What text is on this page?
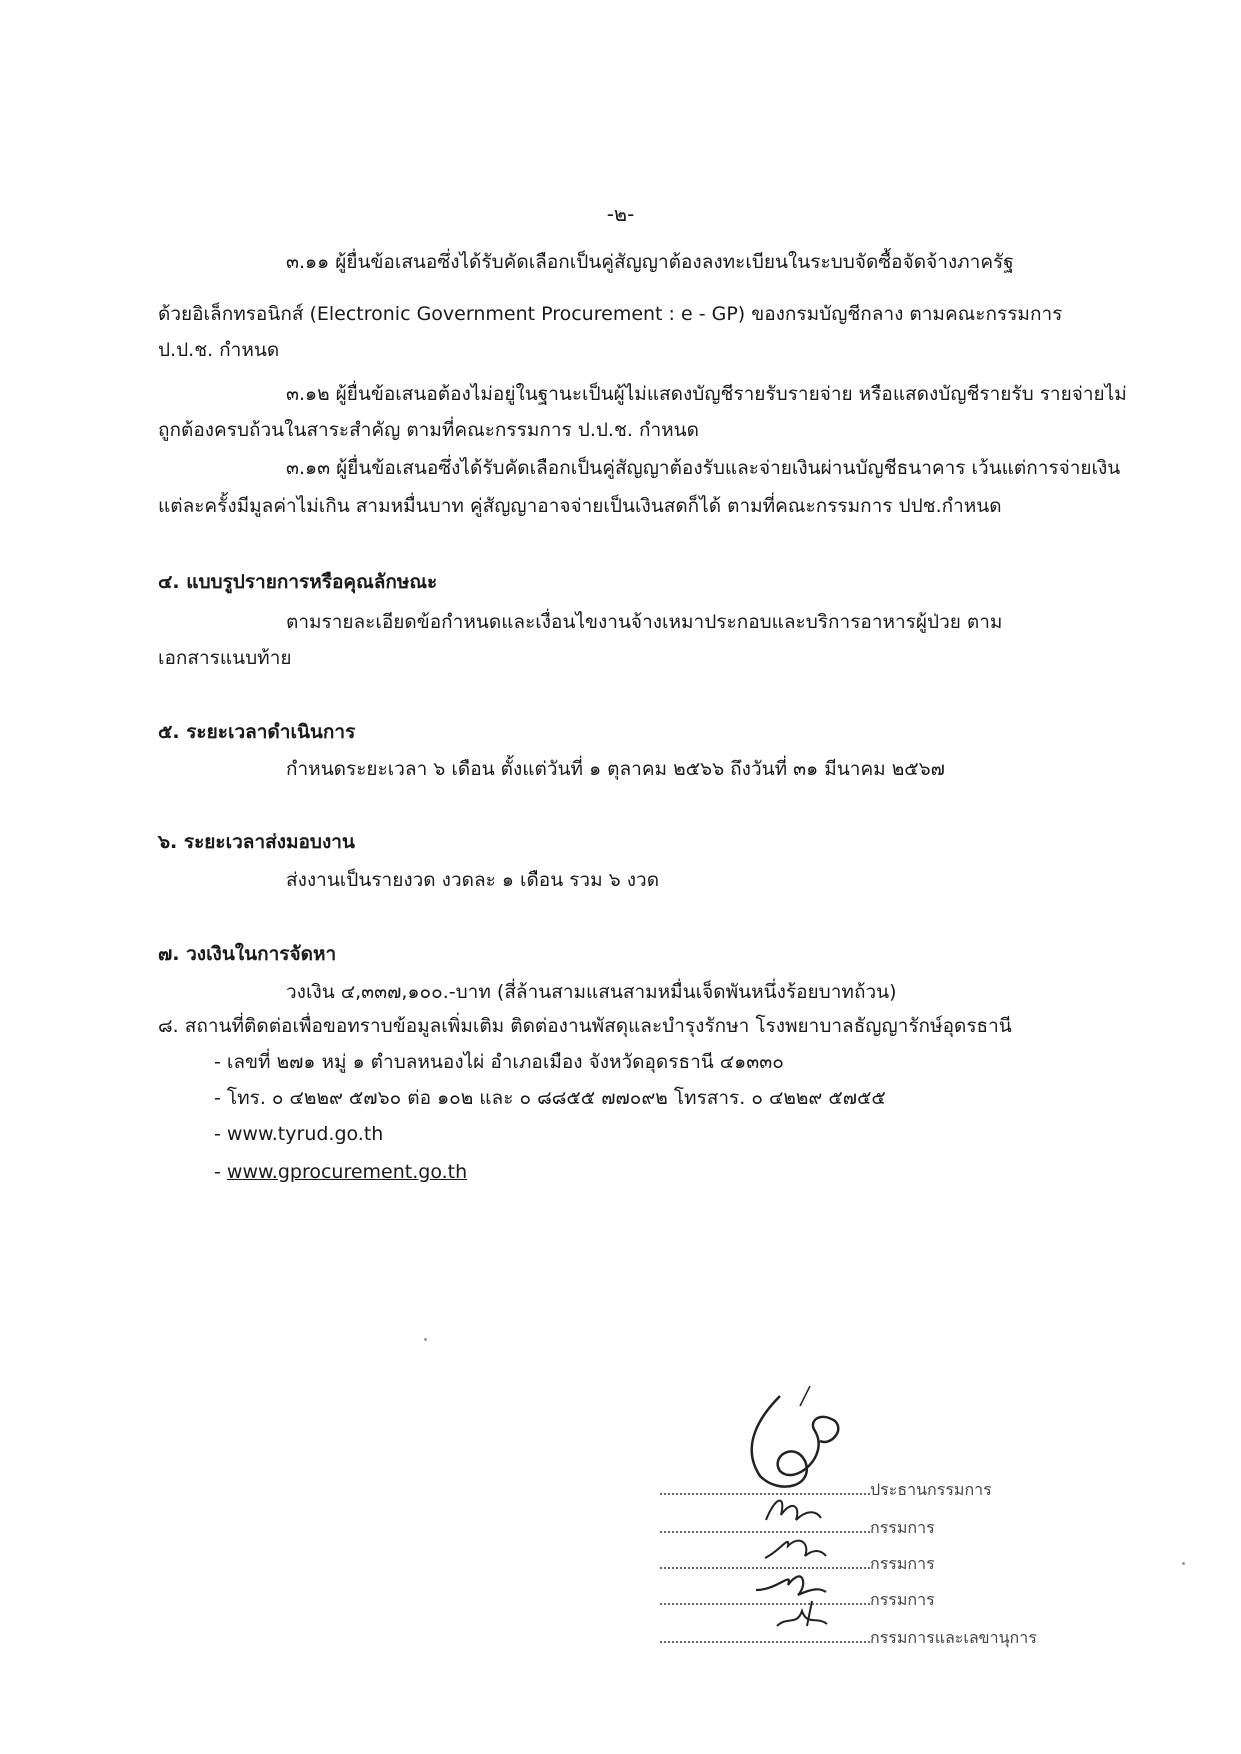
-๒-
๓.๑๑ ผู้ยื่นข้อเสนอซึ่งได้รับคัดเลือกเป็นคู่สัญญาต้องลงทะเบียนในระบบจัดซื้อจัดจ้างภาครัฐ
ด้วยอิเล็กทรอนิกส์ (Electronic Government Procurement : e - GP) ของกรมบัญชีกลาง ตามคณะกรรมการ
ป.ป.ช. กำหนด
๓.๑๒ ผู้ยื่นข้อเสนอต้องไม่อยู่ในฐานะเป็นผู้ไม่แสดงบัญชีรายรับรายจ่าย หรือแสดงบัญชีรายรับ รายจ่ายไม่
ถูกต้องครบถ้วนในสาระสำคัญ ตามที่คณะกรรมการ ป.ป.ช. กำหนด
๓.๑๓ ผู้ยื่นข้อเสนอซึ่งได้รับคัดเลือกเป็นคู่สัญญาต้องรับและจ่ายเงินผ่านบัญชีธนาคาร เว้นแต่การจ่ายเงิน
แต่ละครั้งมีมูลค่าไม่เกิน สามหมื่นบาท คู่สัญญาอาจจ่ายเป็นเงินสดก็ได้ ตามที่คณะกรรมการ ปปช.กำหนด
๔. แบบรูปรายการหรือคุณลักษณะ
ตามรายละเอียดข้อกำหนดและเงื่อนไขงานจ้างเหมาประกอบและบริการอาหารผู้ป่วย ตาม
เอกสารแนบท้าย
๕. ระยะเวลาดำเนินการ
กำหนดระยะเวลา ๖ เดือน ตั้งแต่วันที่ ๑ ตุลาคม ๒๕๖๖ ถึงวันที่ ๓๑ มีนาคม ๒๕๖๗
๖. ระยะเวลาส่งมอบงาน
ส่งงานเป็นรายงวด งวดละ ๑ เดือน รวม ๖ งวด
๗. วงเงินในการจัดหา
วงเงิน ๔,๓๓๗,๑๐๐.-บาท (สี่ล้านสามแสนสามหมื่นเจ็ดพันหนึ่งร้อยบาทถ้วน)
๘. สถานที่ติดต่อเพื่อขอทราบข้อมูลเพิ่มเติม ติดต่องานพัสดุและบำรุงรักษา โรงพยาบาลธัญญารักษ์อุดรธานี
- เลขที่ ๒๗๑ หมู่ ๑ ตำบลหนองไผ่ อำเภอเมือง จังหวัดอุดรธานี ๔๑๓๓๐
- โทร. ๐ ๔๒๒๙ ๕๗๖๐ ต่อ ๑๐๒ และ ๐ ๘๘๕๕ ๗๗๐๙๒ โทรสาร. ๐ ๔๒๒๙ ๕๗๕๕
- www.tyrud.go.th
- www.gprocurement.go.th
ประธานกรรมการ
กรรมการ
กรรมการ
กรรมการ
กรรมการและเลขานุการ
